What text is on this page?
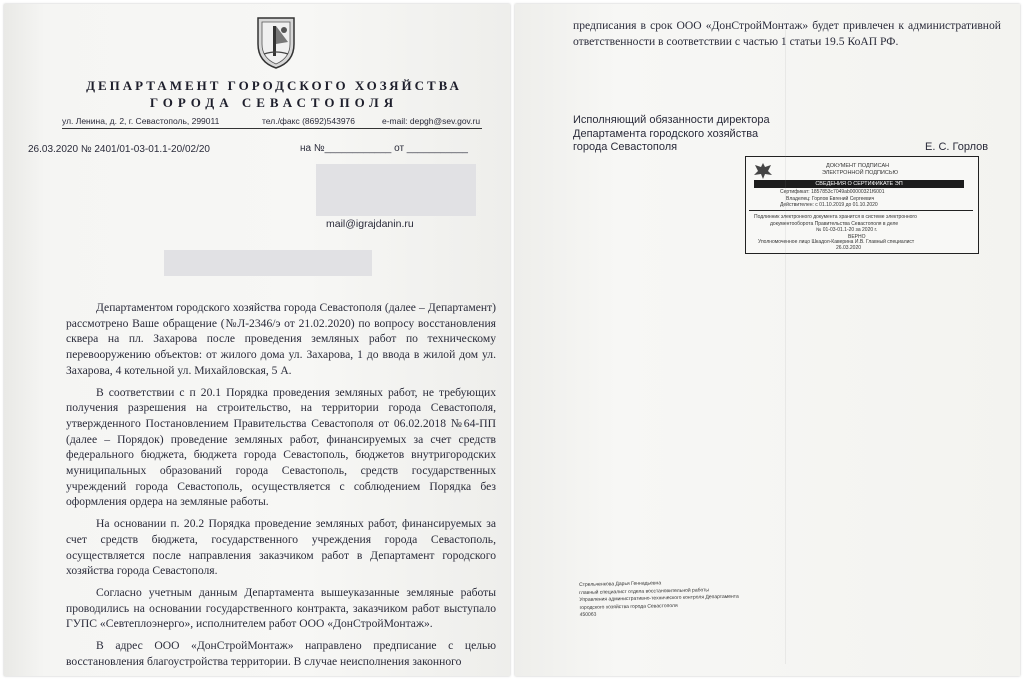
ДЕПАРТАМЕНТ ГОРОДСКОГО ХОЗЯЙСТВА
ГОРОДА СЕВАСТОПОЛЯ
ул. Ленина, д. 2, г. Севастополь, 299011	тел./факс (8692)543976	e-mail: depgh@sev.gov.ru
26.03.2020 № 2401/01-03-01.1-20/02/20	на №____________ от ___________
mail@igrajdanin.ru

Департаментом городского хозяйства города Севастополя (далее – Департамент) рассмотрено Ваше обращение (№Л-2346/э от 21.02.2020) по вопросу восстановления сквера на пл. Захарова после проведения земляных работ по техническому перевооружению объектов: от жилого дома ул. Захарова, 1 до ввода в жилой дом ул. Захарова, 4 котельной ул. Михайловская, 5 А.

В соответствии с п 20.1 Порядка проведения земляных работ, не требующих получения разрешения на строительство, на территории города Севастополя, утвержденного Постановлением Правительства Севастополя от 06.02.2018 №64-ПП (далее – Порядок) проведение земляных работ, финансируемых за счет средств федерального бюджета, бюджета города Севастополь, бюджетов внутригородских муниципальных образований города Севастополь, средств государственных учреждений города Севастополь, осуществляется с соблюдением Порядка без оформления ордера на земляные работы.

На основании п. 20.2 Порядка проведение земляных работ, финансируемых за счет средств бюджета, государственного учреждения города Севастополь, осуществляется после направления заказчиком работ в Департамент городского хозяйства города Севастополя.

Согласно учетным данным Департамента вышеуказанные земляные работы проводились на основании государственного контракта, заказчиком работ выступало ГУПС «Севтеплоэнерго», исполнителем работ ООО «ДонСтройМонтаж».

В адрес ООО «ДонСтройМонтаж» направлено предписание с целью восстановления благоустройства территории. В случае неисполнения законного

предписания в срок ООО «ДонСтройМонтаж» будет привлечен к административной ответственности в соответствии с частью 1 статьи 19.5 КоАП РФ.
Исполняющий обязанности директора
Департамента городского хозяйства
города Севастополя	Е. С. Горлов
ДОКУМЕНТ ПОДПИСАН
ЭЛЕКТРОННОЙ ПОДПИСЬЮ
СВЕДЕНИЯ О СЕРТИФИКАТЕ ЭП
Сертификат: 1857853c7049ab00000321f6001
Владелец: Горлов Евгений Сергеевич
Действителен: с 01.10.2019 до 01.10.2020
Подлинник электронного документа хранится в системе электронного
документооборота Правительства Севастополя в деле
№ 01-03-01.1-20 за 2020 г.
ВЕРНО
Уполномоченное лицо Шкадол-Каверина И.В. Главный специалист
26.03.2020
Стрельченкова Дарья Геннадьевна
главный специалист отдела восстановительной работы
Управления административно-технического контроля Департамента
городского хозяйства города Севастополя
450063
